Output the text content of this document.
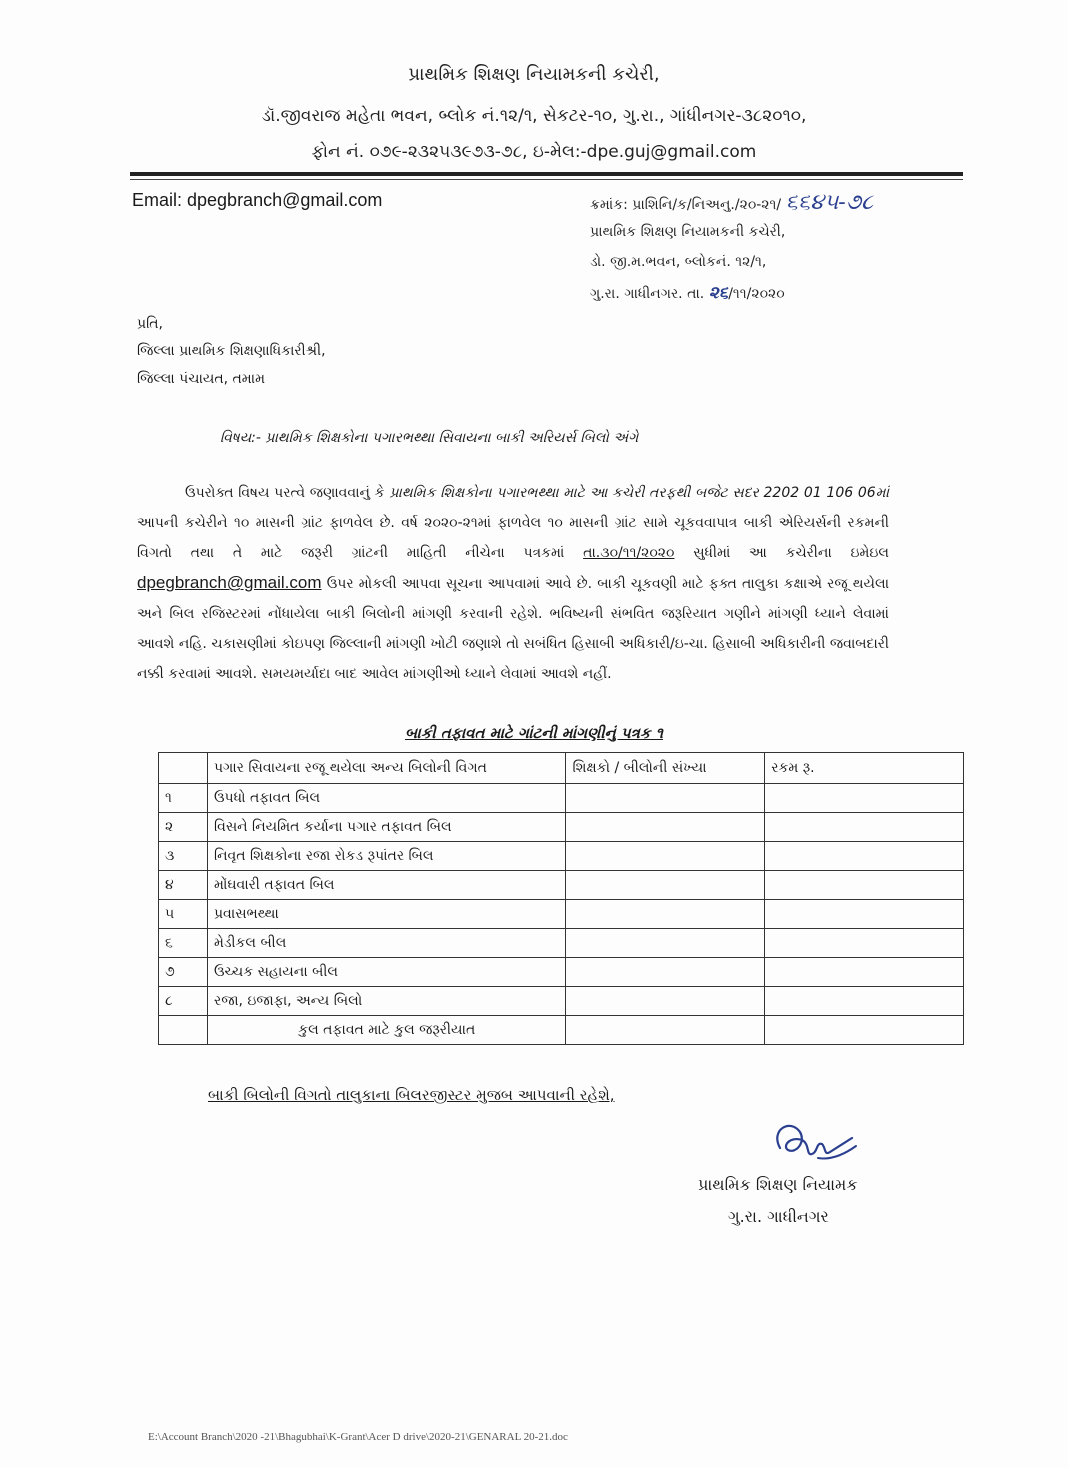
પ્રાથમિક શિક્ષણ નિયામકની કચેરી,
ડૉ.જીવરાજ મહેતા ભવન, બ્લોક નં.૧૨/૧, સેકટર-૧૦, ગુ.રા., ગાંધીનગર-૩૮૨૦૧૦,
ફોન નં. ૦૭૯-૨૩૨૫૩૯૭૩-૭૮, ઇ-મેલ:-dpe.guj@gmail.com
Email: dpegbranch@gmail.com	ક્રમાંક: પ્રાશિનિ/ક/નિઅનુ./૨૦-૨૧/ ૬૬૪૫-૭૮
પ્રાથમિક શિક્ષણ નિયામકની કચેરી,
ડો. જી.મ.ભવન, બ્લોકનં. ૧૨/૧,
ગુ.રા. ગાધીનગર. તા. ૨૬/૧૧/૨૦૨૦
પ્રતિ,
જિલ્લા પ્રાથમિક શિક્ષણાધિકારીશ્રી,
જિલ્લા પંચાયત, તમામ
વિષય:- પ્રાથમિક શિક્ષકોના પગારભથ્થા સિવાયના બાકી અરિયર્સ બિલો અંગે
ઉપરોક્ત વિષય પરત્વે જણાવવાનું કે પ્રાથમિક શિક્ષકોના પગારભથ્થા માટે આ કચેરી તરફથી બજેટ સદર 2202 01 106 06માં આપની કચેરીને ૧૦ માસની ગ્રાંટ ફાળવેલ છે. વર્ષ ૨૦૨૦-૨૧માં ફાળવેલ ૧૦ માસની ગ્રાંટ સામે ચૂકવવાપાત્ર બાકી એરિયર્સની રકમની વિગતો તથા તે માટે જરૂરી ગ્રાંટની માહિતી નીચેના પત્રકમાં તા.૩૦/૧૧/૨૦૨૦ સુધીમાં આ કચેરીના ઇમેઇલ dpegbranch@gmail.com ઉપર મોકલી આપવા સૂચના આપવામાં આવે છે. બાકી ચૂકવણી માટે ફક્ત તાલુકા કક્ષાએ રજૂ થયેલા અને બિલ રજિસ્ટરમાં નોંધાયેલા બાકી બિલોની માંગણી કરવાની રહેશે. ભવિષ્યની સંભવિત જરૂરિયાત ગણીને માંગણી ધ્યાને લેવામાં આવશે નહિ. ચકાસણીમાં કોઇપણ જિલ્લાની માંગણી ખોટી જણાશે તો સબંધિત હિસાબી અધિકારી/ઇ-ચા. હિસાબી અધિકારીની જવાબદારી નક્કી કરવામાં આવશે. સમયમર્યાદા બાદ આવેલ માંગણીઓ ધ્યાને લેવામાં આવશે નહીં.
બાકી તફાવત માટે ગાંટની માંગણીનું પત્રક ૧
	પગાર સિવાયના રજૂ થયેલા અન્ય બિલોની વિગત	શિક્ષકો / બીલોની સંખ્યા	રકમ રૂ.
૧	ઉપધો તફાવત બિલ		
૨	વિસને નિયમિત કર્યાના પગાર તફાવત બિલ		
૩	નિવૃત શિક્ષકોના રજા રોકડ રૂપાંતર બિલ		
૪	મોંઘવારી તફાવત બિલ		
૫	પ્રવાસભથ્થા		
૬	મેડીકલ બીલ		
૭	ઉચ્ચક સહાયના બીલ		
૮	રજા, ઇજાફા, અન્ય બિલો		
	કુલ તફાવત માટે કુલ જરૂરીયાત		
બાકી બિલોની વિગતો તાલુકાના બિલરજીસ્ટર મુજબ આપવાની રહેશે,
પ્રાથમિક શિક્ષણ નિયામક
ગુ.રા. ગાધીનગર
E:\Account Branch\2020 -21\Bhagubhai\K-Grant\Acer D drive\2020-21\GENARAL 20-21.doc
